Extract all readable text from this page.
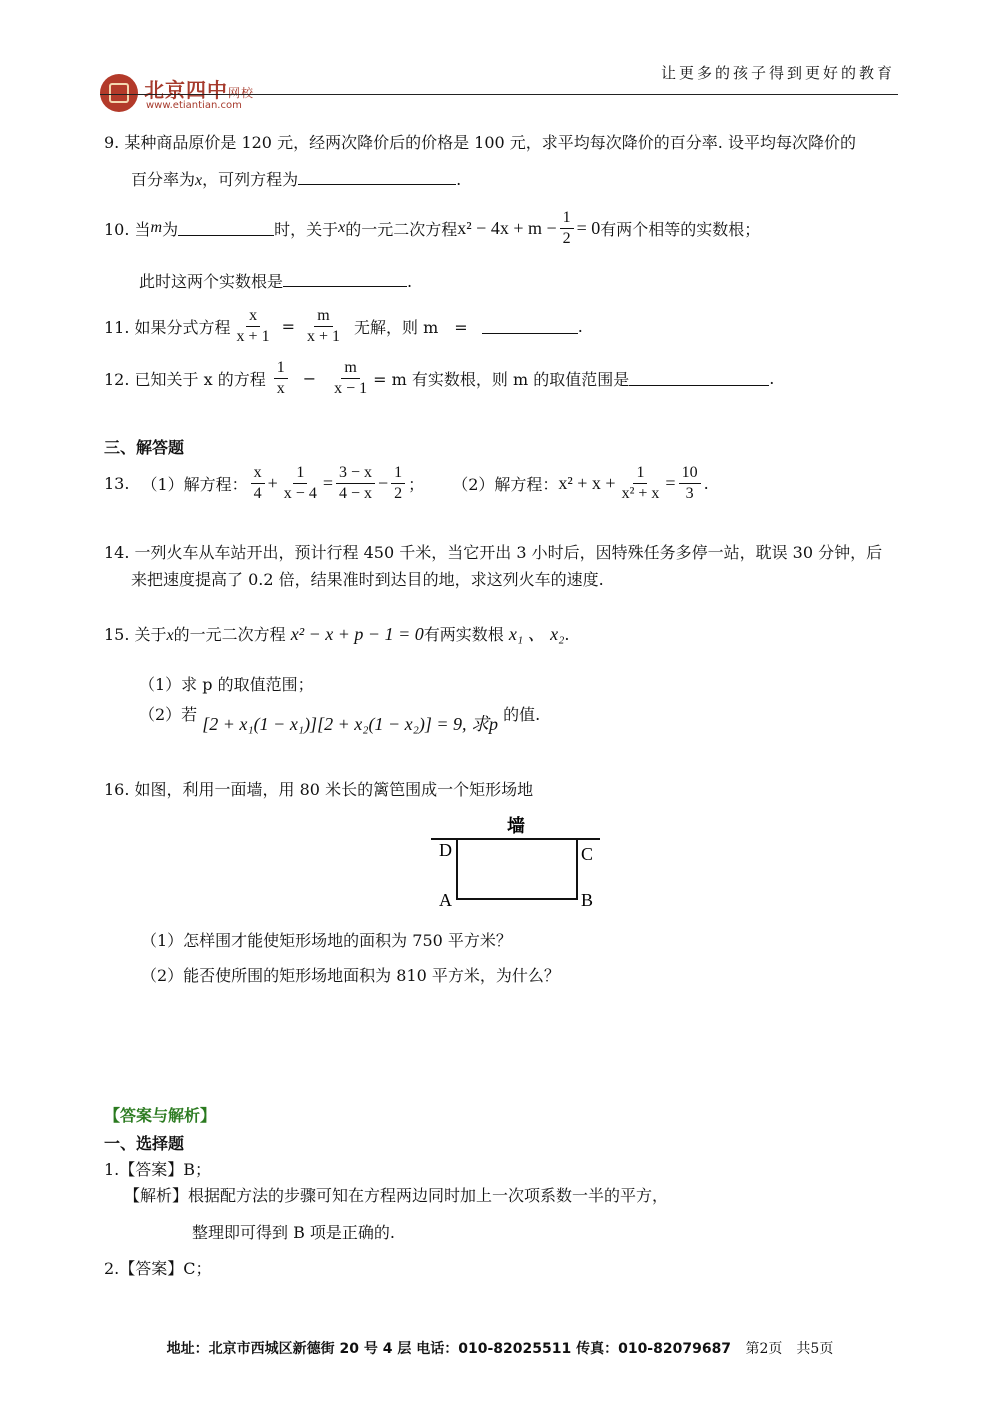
北京四中网校
www.etiantian.com
让更多的孩子得到更好的教育
9. 某种商品原价是 120 元，经两次降价后的价格是 100 元，求平均每次降价的百分率. 设平均每次降价的
百分率为x，可列方程为	.
10. 当 m 为	时，关于 x 的一元二次方程 $x^2 - 4x + m - \frac{1}{2} = 0$ 有两个相等的实数根；
此时这两个实数根是	.
11. 如果分式方程 $\frac{x}{x + 1} = \frac{m}{x + 1}$ 无解，则 m　=	.
12. 已知关于 x 的方程 $\frac{1}{x} - \frac{m}{x - 1} = m$ 有实数根，则 m 的取值范围是	.
三、解答题
13. （1）解方程： $\frac{x}{4} + \frac{1}{x - 4} = \frac{3 - x}{4 - x} - \frac{1}{2}$ ； （2）解方程： $x^2 + x + \frac{1}{\text{x² + x}} = \frac{10}{3}$ .
14. 一列火车从车站开出，预计行程 450 千米，当它开出 3 小时后，因特殊任务多停一站，耽误 30 分钟，后
来把速度提高了 0.2 倍，结果准时到达目的地，求这列火车的速度.
15. 关于x的一元二次方程 x² − x + p − 1 = 0有两实数根 x₁ 、 x₂.
（1）求 p 的取值范围；
（2）若 [2 + x₁(1 − x₁)][2 + x₂(1 − x₂)] = 9, 求p 的值.
16. 如图，利用一面墙，用 80 米长的篱笆围成一个矩形场地
墙
D	C
A	B
（1）怎样围才能使矩形场地的面积为 750 平方米？
（2）能否使所围的矩形场地面积为 810 平方米，为什么？
【答案与解析】
一、选择题
1.【答案】B；
【解析】根据配方法的步骤可知在方程两边同时加上一次项系数一半的平方，
整理即可得到 B 项是正确的.
2.【答案】C；
地址：北京市西城区新德街 20 号 4 层 电话：010-82025511 传真：010-82079687 第2页　共5页
